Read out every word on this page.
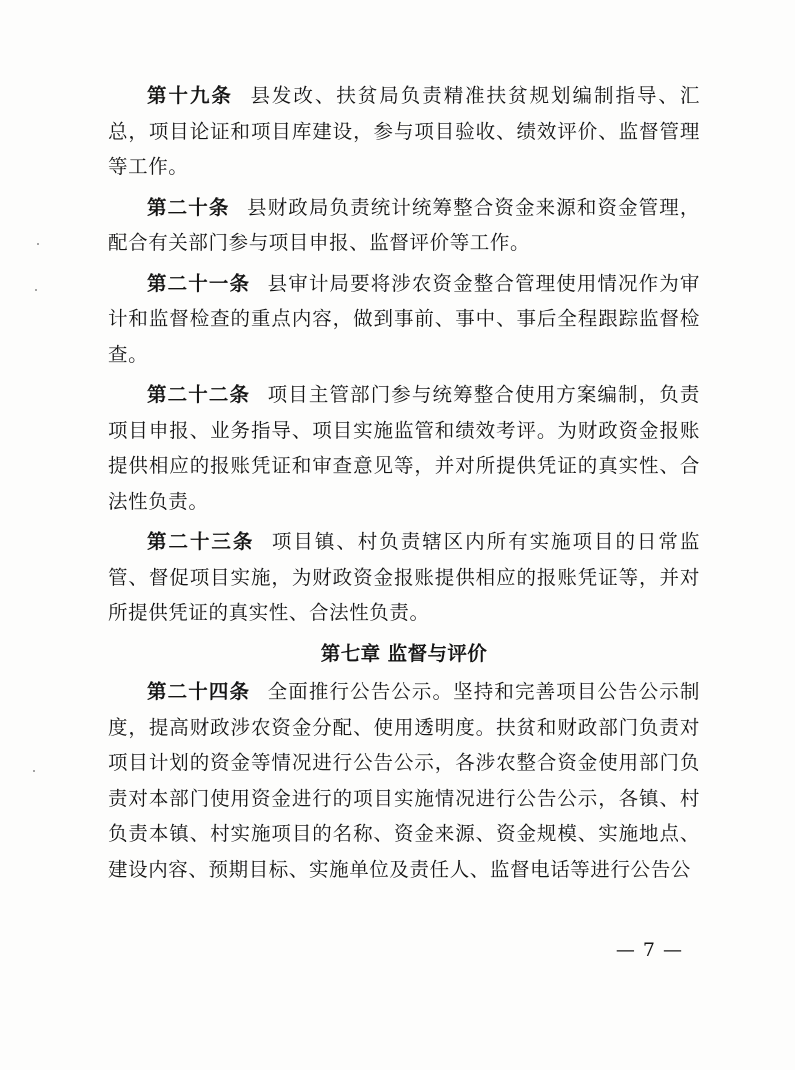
第十九条 县发改、扶贫局负责精准扶贫规划编制指导、汇总，项目论证和项目库建设，参与项目验收、绩效评价、监督管理等工作。

第二十条 县财政局负责统计统筹整合资金来源和资金管理，配合有关部门参与项目申报、监督评价等工作。

第二十一条 县审计局要将涉农资金整合管理使用情况作为审计和监督检查的重点内容，做到事前、事中、事后全程跟踪监督检查。

第二十二条 项目主管部门参与统筹整合使用方案编制，负责项目申报、业务指导、项目实施监管和绩效考评。为财政资金报账提供相应的报账凭证和审查意见等，并对所提供凭证的真实性、合法性负责。

第二十三条 项目镇、村负责辖区内所有实施项目的日常监管、督促项目实施，为财政资金报账提供相应的报账凭证等，并对所提供凭证的真实性、合法性负责。

第七章 监督与评价

第二十四条 全面推行公告公示。坚持和完善项目公告公示制度，提高财政涉农资金分配、使用透明度。扶贫和财政部门负责对项目计划的资金等情况进行公告公示，各涉农整合资金使用部门负责对本部门使用资金进行的项目实施情况进行公告公示，各镇、村负责本镇、村实施项目的名称、资金来源、资金规模、实施地点、建设内容、预期目标、实施单位及责任人、监督电话等进行公告公

— 7 —
